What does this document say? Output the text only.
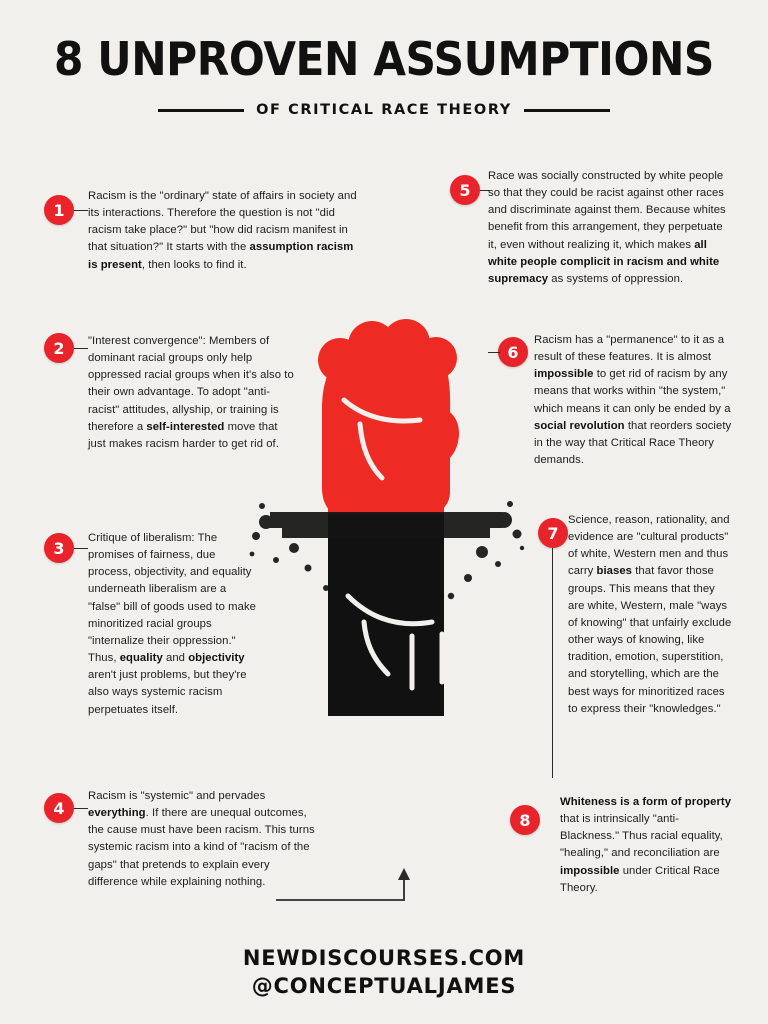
8 UNPROVEN ASSUMPTIONS
OF CRITICAL RACE THEORY
1
Racism is the "ordinary" state of affairs in society and its interactions. Therefore the question is not "did racism take place?" but "how did racism manifest in that situation?" It starts with the assumption racism is present, then looks to find it.
2	"Interest convergence": Members of dominant racial groups only help oppressed racial groups when it's also to their own advantage. To adopt "anti-racist" attitudes, allyship, or training is therefore a self-interested move that just makes racism harder to get rid of.
3
Critique of liberalism: The promises of fairness, due process, objectivity, and equality underneath liberalism are a "false" bill of goods used to make minoritized racial groups "internalize their oppression." Thus, equality and objectivity aren't just problems, but they're also ways systemic racism perpetuates itself.
4
Racism is "systemic" and pervades everything. If there are unequal outcomes, the cause must have been racism. This turns systemic racism into a kind of "racism of the gaps" that pretends to explain every difference while explaining nothing.
5
Race was socially constructed by white people so that they could be racist against other races and discriminate against them. Because whites benefit from this arrangement, they perpetuate it, even without realizing it, which makes all white people complicit in racism and white supremacy as systems of oppression.
6
Racism has a "permanence" to it as a result of these features. It is almost impossible to get rid of racism by any means that works within "the system," which means it can only be ended by a social revolution that reorders society in the way that Critical Race Theory demands.
7
Science, reason, rationality, and evidence are "cultural products" of white, Western men and thus carry biases that favor those groups. This means that they are white, Western, male "ways of knowing" that unfairly exclude other ways of knowing, like tradition, emotion, superstition, and storytelling, which are the best ways for minoritized races to express their "knowledges."
8
Whiteness is a form of property that is intrinsically "anti-Blackness." Thus racial equality, "healing," and reconciliation are impossible under Critical Race Theory.
NEWDISCOURSES.COM
@CONCEPTUALJAMES
